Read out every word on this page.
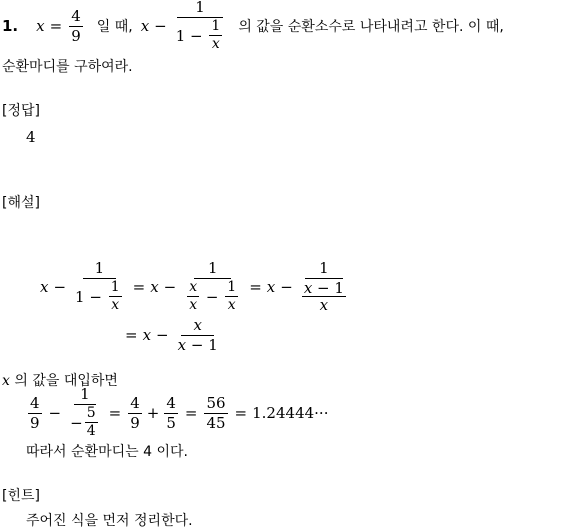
1. $x = \frac{4}{9}$ 일 때, $x - \frac{1}{1 - \frac{1}{x}}$ 의 값을 순환소수로 나타내려고 한다. 이 때,
순환마디를 구하여라.
[정답]
4
[해설]
$x - \frac{1}{1 - \frac{1}{x}} = x - \frac{1}{\frac{x}{x} - \frac{1}{x}} = x - 1$
x − 1
x
= $x - \frac{x}{x - 1}$
x 의 값을 대입하면
$\frac{4}{9} - \frac{1}{- \frac{5}{4}} = \frac{4}{9} + \frac{4}{5} = \frac{56}{45} = 1.24444\cdot\cdot\cdot$
따라서 순환마디는 4 이다.
[힌트]
주어진 식을 먼저 정리한다.
